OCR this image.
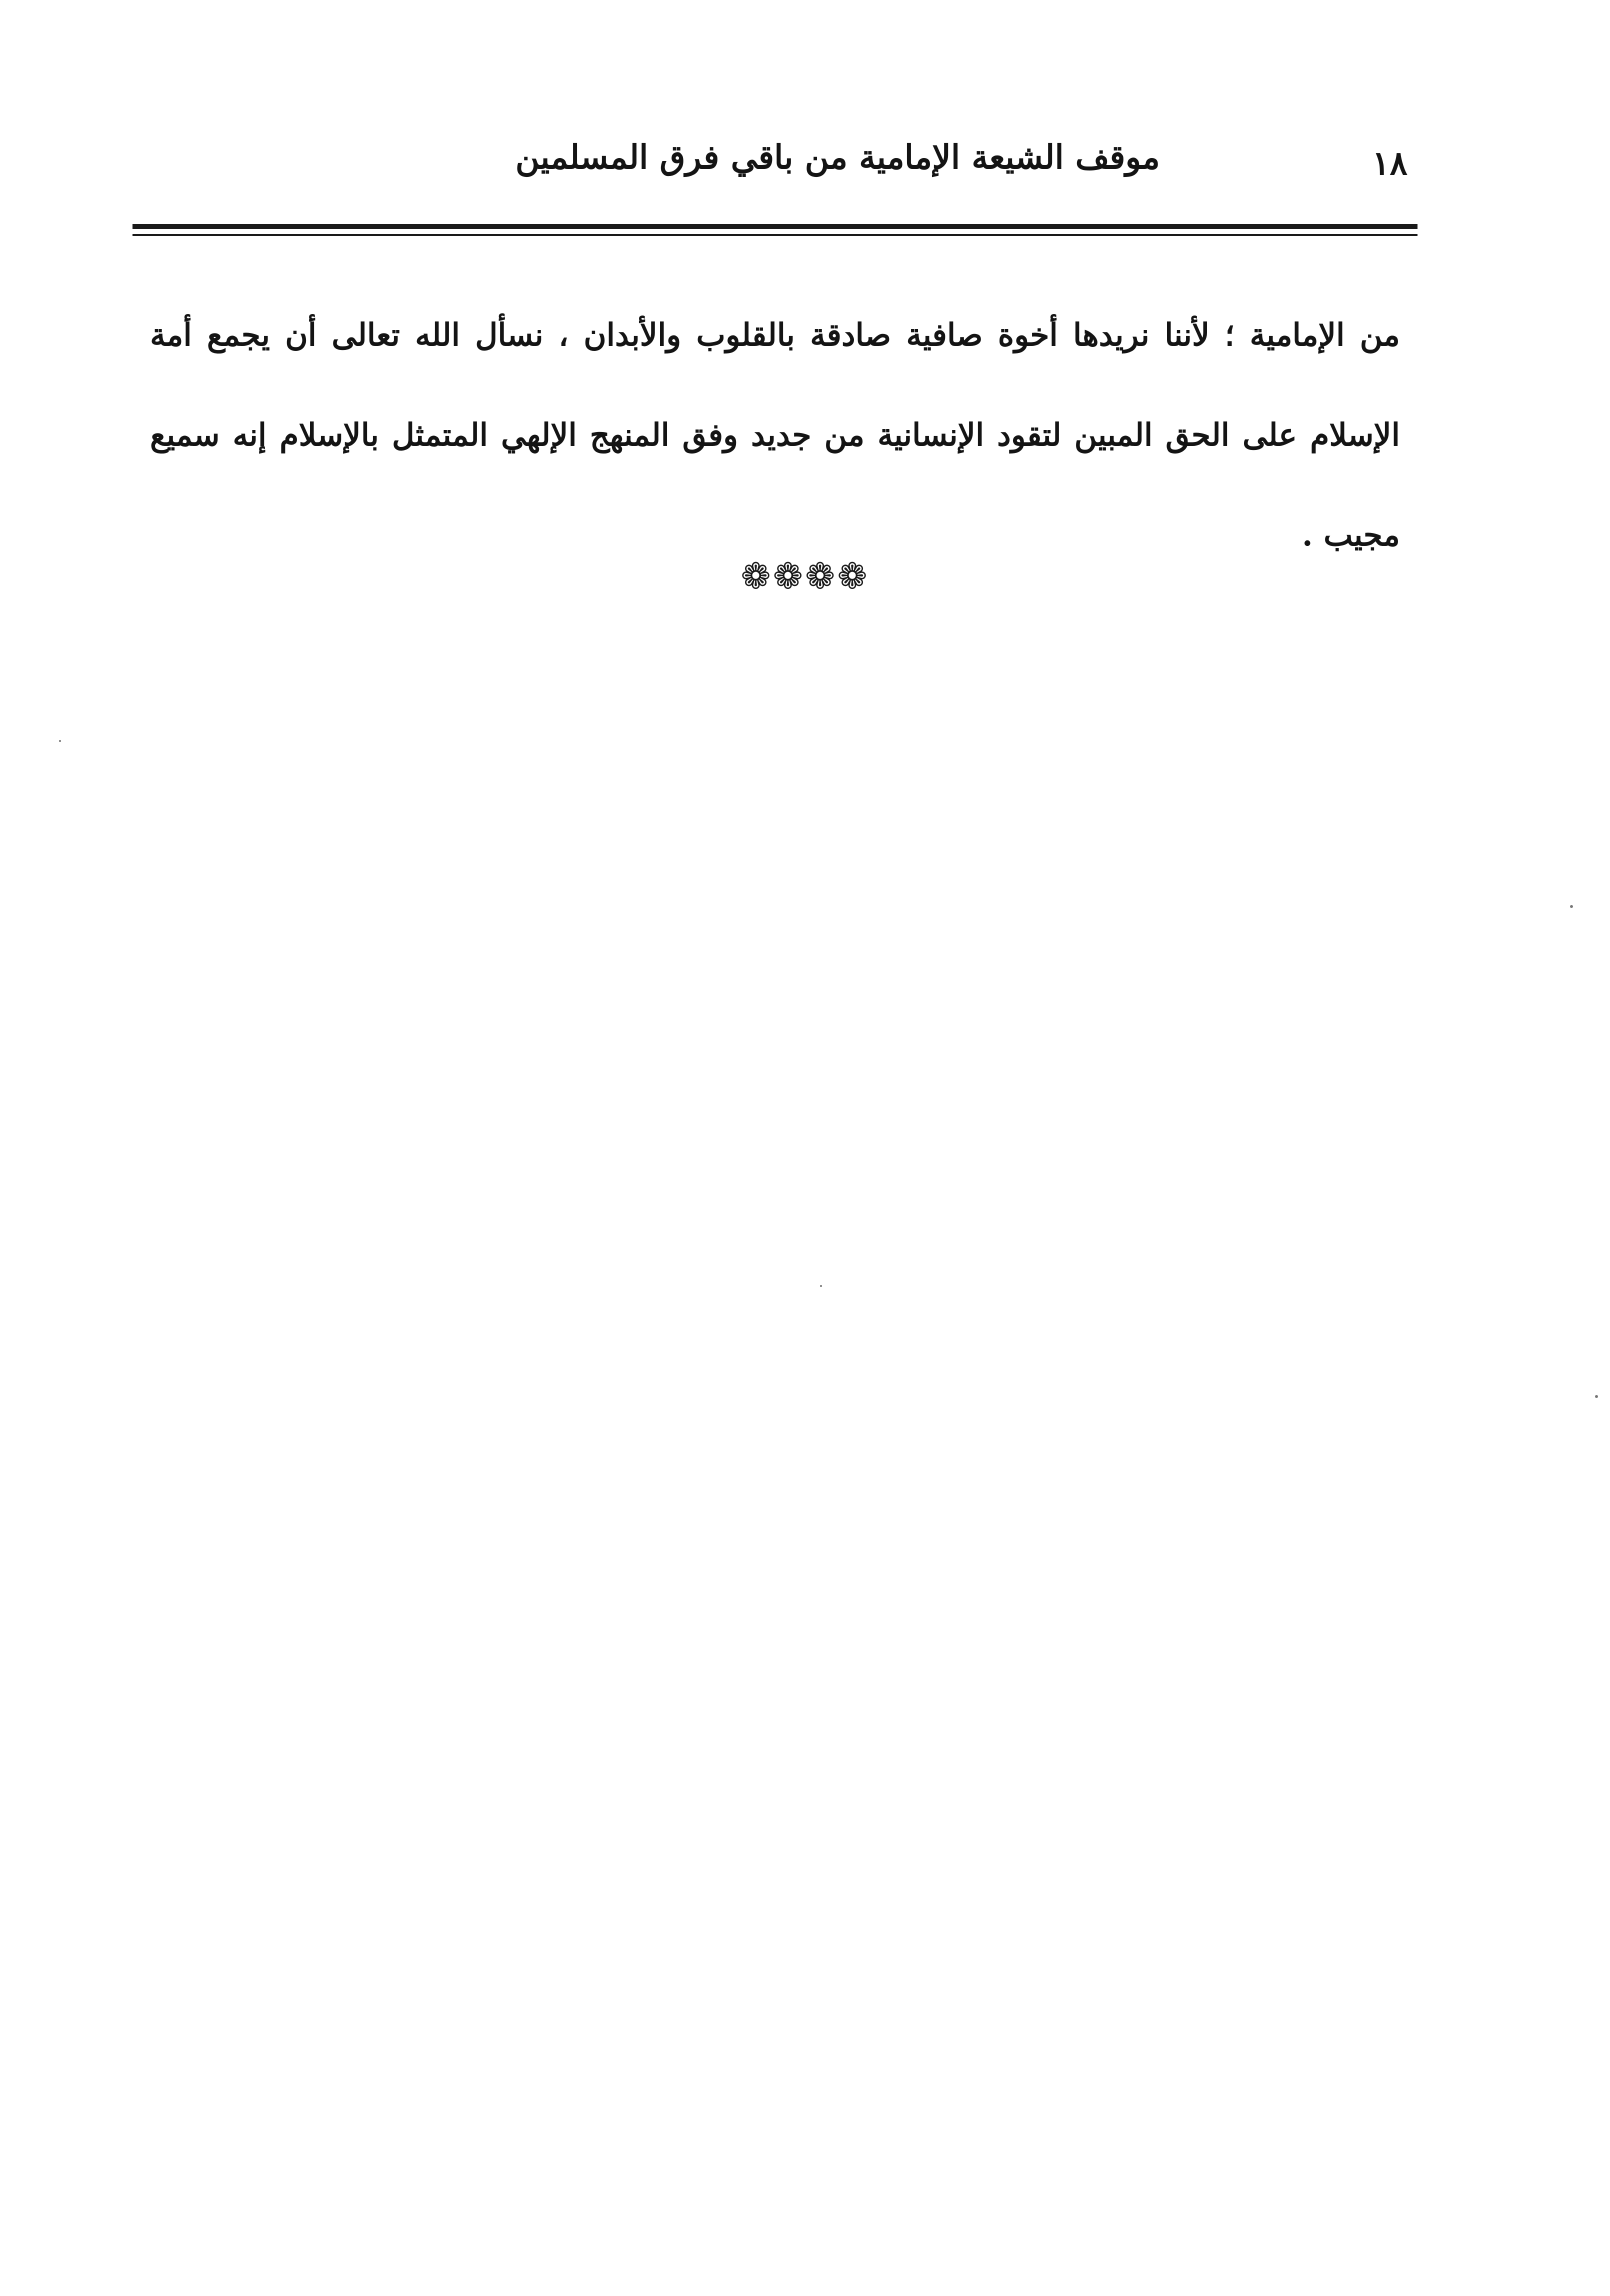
موقف الشيعة الإمامية من باقي فرق المسلمين	١٨
من الإمامية ؛ لأننا نريدها أخوة صافية صادقة بالقلوب والأبدان ، نسأل الله تعالى أن يجمع أمة
الإسلام على الحق المبين لتقود الإنسانية من جديد وفق المنهج الإلهي المتمثل بالإسلام إنه سميع
مجيب .
❁❁❁❁
